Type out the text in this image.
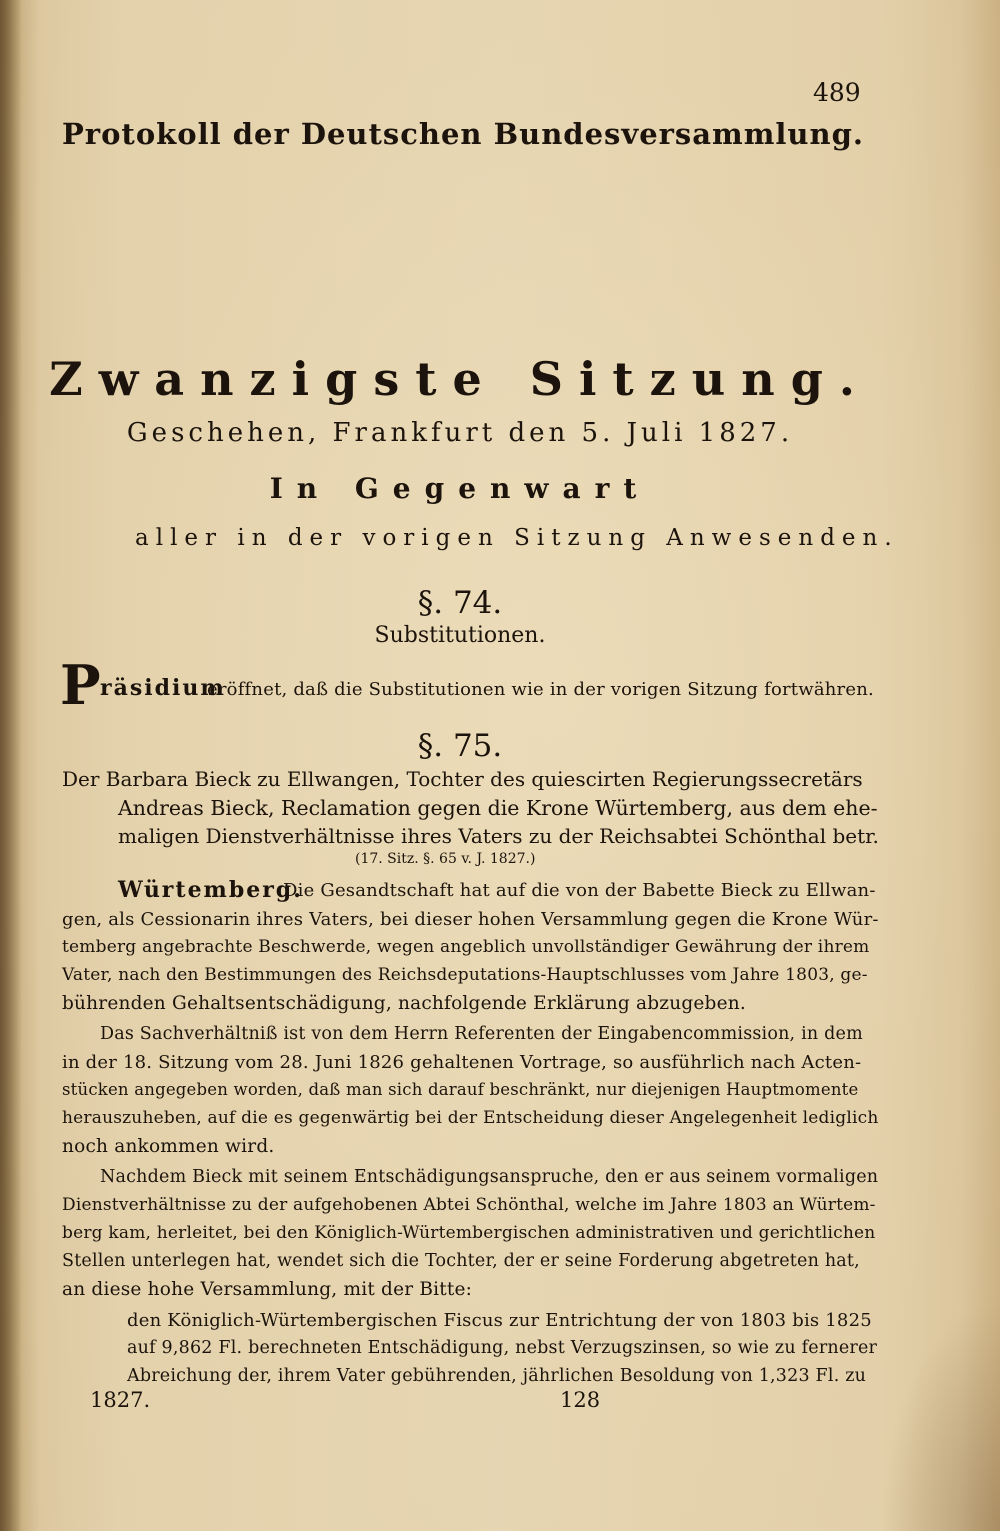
489
Protokoll der Deutschen Bundesversammlung.
Zwanzigste Sitzung.
Geschehen, Frankfurt den 5. Juli 1827.
In Gegenwart
aller in der vorigen Sitzung Anwesenden.
§. 74.
Substitutionen.
P räsidium
eröffnet, daß die Substitutionen wie in der vorigen Sitzung fortwähren.
§. 75.
Der Barbara Bieck zu Ellwangen, Tochter des quiescirten Regierungssecretärs
Andreas Bieck, Reclamation gegen die Krone Würtemberg, aus dem ehe-
maligen Dienstverhältnisse ihres Vaters zu der Reichsabtei Schönthal betr.
(17. Sitz. §. 65 v. J. 1827.)
Würtemberg.
Die Gesandtschaft hat auf die von der Babette Bieck zu Ellwan-
gen, als Cessionarin ihres Vaters, bei dieser hohen Versammlung gegen die Krone Wür-
temberg angebrachte Beschwerde, wegen angeblich unvollständiger Gewährung der ihrem
Vater, nach den Bestimmungen des Reichsdeputations-Hauptschlusses vom Jahre 1803, ge-
bührenden Gehaltsentschädigung, nachfolgende Erklärung abzugeben.
Das Sachverhältniß ist von dem Herrn Referenten der Eingabencommission, in dem
in der 18. Sitzung vom 28. Juni 1826 gehaltenen Vortrage, so ausführlich nach Acten-
stücken angegeben worden, daß man sich darauf beschränkt, nur diejenigen Hauptmomente
herauszuheben, auf die es gegenwärtig bei der Entscheidung dieser Angelegenheit lediglich
noch ankommen wird.
Nachdem Bieck mit seinem Entschädigungsanspruche, den er aus seinem vormaligen
Dienstverhältnisse zu der aufgehobenen Abtei Schönthal, welche im Jahre 1803 an Würtem-
berg kam, herleitet, bei den Königlich-Würtembergischen administrativen und gerichtlichen
Stellen unterlegen hat, wendet sich die Tochter, der er seine Forderung abgetreten hat,
an diese hohe Versammlung, mit der Bitte:
den Königlich-Würtembergischen Fiscus zur Entrichtung der von 1803 bis 1825
auf 9,862 Fl. berechneten Entschädigung, nebst Verzugszinsen, so wie zu fernerer
Abreichung der, ihrem Vater gebührenden, jährlichen Besoldung von 1,323 Fl. zu
1827.	128
